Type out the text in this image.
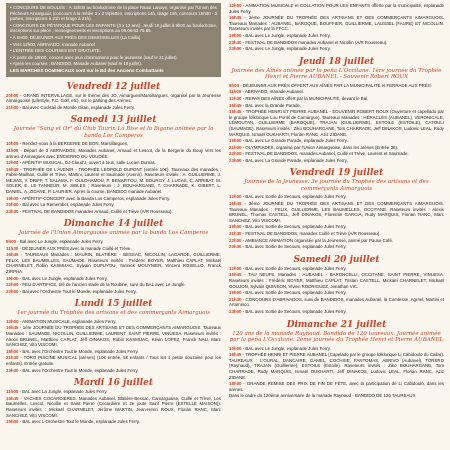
• CONCOURS DE BOULES : À 15h00 au boulodrome de la place Raoul Lanoye, organisé par l'Union des Pêcheurs Aimarguois (concours à la mêlée 3 x 2 triplettes, inscriptions 14h, tirage 15h, concours 15h30 - 3 parties, inscriptions à 21h et tirage à 21h).

• CONCOURS DE PÉTANQUE POUR LES ENFANTS (3 x 12 ans). Jeudi 18 juillet à 9h00 au boulodrome, inscriptions sur place ; renseignements et inscriptions au 06.06.52.76.85.

• À 9H00, DÉJEUNER AUX PRÉS DES DEMOISELLES (La Cailla)

• Vers 12h00, ABRIVADO, manade Aubanel

• L'ENTRÉE DES COURSES EST GRATUITE.

• À partir de 18h00, concert avec jeux d'animations pour le jeunesse (sauf le 21 juillet).

• Après les courses : BANDIDO, Manade Aubanel (sauf le 18 juillet).

LES MARCHÉS DOMINICAUX sont sur le Bd des Anciens Combattants

Vendredi 12 juillet

20h00 - GRAND INTERVILLAGE, sur le thème des JO, Aimargues/Marsillargues, organisé par la Jeunesse Aimarguoise (Lifestyle, F.C. Golf, etc), sur le parking des Arènes.

21h00 - Bal avec Cocktail de Monde Gitan, esplanade Jules Ferry.

Samedi 13 juillet
Journée "Sang et Or" du Club Taurin La Bise et la Bigane animée par la banda Los Camperos

10h00 - Rendez-vous à la BERGERIE DE BON, Marsillargues.

11h00 - Départ de 3 ABRIVADOS, Manades Aubanel, Arnaud et Lescot, de la Bergerie du Bouy vers les arènes d'Aimargues avec ENCIERRO OU VOUDÉE.

12h00 - APÉRITIF MUSICAL, DJ Claud'J, ouvert à tous, salle Lucien Dumas.

16h45 - TROPHÉE DE L'AVENIR - TROPHÉE LEOPOLD DUPONT (entrée 10€). Taureaux des manades : Fabre-Mailhan, Cuillé et Trève, Martini, Laurent et Saumade (Avenir). Raseteurs invités : A. GUILLIERME, J. MEJIAS, Y. DRIFF, T. SALAMA, F. OULDHAMOU, P. BENAFITOU, M. BOURGY, J. LUCAS, C. ARRIBAT, M. SOLER, E. LE TANNEUR, M. SIBLES ; Raseteurs : J. BOUHARGANE, T. CHARRADE, K. GIBERT, L. DANIEL, A. ZIDANE, P. LAURIER. Après la course, BANDIDO manade Aubanel.

19h00 - APÉRITIF-CONCERT avec la Banda Los Camperos, esplanade Jules Ferry.

20h00 - Bal avec La Remember, esplanade Jules Ferry.

23h30 - FESTIVAL DE BANDIDOS manades Arnaud, Cuillé et Trève (A/R Rousseau).

Dimanche 14 juillet
Journée de l'Union Aimarguoise animée par la banda Los Camperos

9h00 - Bal avec Le Jungle, esplanade Jules Ferry.

11h30 - DÉJEUNER AUX PRÉS avec la manade Cuillé et Trève.

16h45 - TAUREAUX Manades : MAURIN, BLATIÈRE - BESSAC, NICOLLIN, LAGARDE, GUILLIERME, FELIX, LES BAUMELLES, SAUMADE. Raseteurs invités : Frédéric BOYER, Matthieu CAPLAT, Mickaël CHARNELET, Robin KASMIJAC, Sylvain DUPUYOU, Yannick MOUYNIER, Vincent ROSELLO, Franck ZIRPHA.

19h00 - BAL avec Le Jungle, esplanade Jules Ferry.

22h00 - FEU D'ARTIFICE, tiré de l'ancien stade de la Roubine, suivi du BAL avec Le Jungle.

23h00 - Bal avec l'Orchestre Tout le Monde, esplanade Jules Ferry.

Lundi 15 juillet
1er journée du Trophée des artisans et des commerçants Aimarguois

12h00 - ANIMATION MUSICALE, esplanade Jules Ferry.

16h45 - 1ère JOURNÉE DU TROPHÉE DES ARTISANS ET DES COMMERÇANTS AIMARGUOIS. Taureaux Manades : SAUMADE, NICOLLIN, GUILLIERME, LAURENT, SAINT PIERRE, VINUESA. Raseteurs invités : Alexis BRUNEL, Matthieu CAPLAT, Jeff DINAKOS, Robin KASMIJAC, Kévin LOPEZ, Franck NAU, Marc SANCHEZ, Vito VISCOMI.

19h00 - BAL avec l'Orchestre Tout le Monde, esplanade Jules Ferry.

21h30 - TORO PISCINE MUSICAL (arènes) (10€ entrée, 5€ enfants / Tous les 1 petite douzaine pour les enfants). Entrée gratuite.

23h30 - BAL avec l'Orchestre Tout le Monde, esplanade Jules Ferry.

Mardi 16 juillet

11h00 - BAL avec La Jungle, esplanade Jules Ferry.

15h45 - VACHES COCARDIERES. Manades Aubanel, Blatière-Bessac, Camarguaise, Cuillé et Trève, Les Baumelles, Lescot, Nicollin et Saint Pierre (Cocardière et 2e joute Saint Pierre (ESTELLE MAISON)). Raseteurs invités : Mickaël CHARNELET, Jérôme MARTIN, Jean-Henri ROUX, Florian RANC, Marc SANCHEZ, Vito VISCOMI.

19h00 - BAL avec L'Orchestre Tout le Monde, esplanade Jules Ferry.

12h00 - ANIMATION MUSICALE et COLLATION POUR LES ENFANTS offerte par la municipalité, esplanade Jules Ferry.

16h45 - 2ème JOURNÉE DU TROPHÉE DES ARTISANS ET DES COMMERÇANTS AIMARGUOIS. Taureaux Manades : AUBANEL, BAROQUE, BOUFFIER, GUILLIERME, LAUSSEL (FAURE) ET NICOLLIN. Raseteurs invités par la FFCC.

19h00 - BAL avec Le Jungle, esplanade Jules Ferry.

23h30 - FESTIVAL DE BANDIDOS manades Aubanel et Nicollin (A/R Rousseau).

23h00 - BAL avec Le Jungle, esplanade Jules Ferry.

Jeudi 18 juillet
Journée des Aînés animée par la peña L'Occitane. 1ère journée du Trophée Henri et Pierre AUBANEL - Souvenir Robert ROUX

9h00 - DÉJEUNER AUX PRÉS OFFERT AUX AÎNÉS PAR LA MUNICIPALITÉ et FERRADE AUX PRÉS.

11h00 - ABRIVADO, manade Aubanel.

12h30 - REPAS DES AÎNÉS offert par la MUNICIPALITÉ, devant le Bal.

16h45 - BAL avec la Grande Parade.

16h45 - TROPHÉE HENRI ET PIERRE AUBANEL - SOUVENIR ROBERT ROUX (Ouverture et capellado par le groupe folklorique Lou Pontil de Camargue). Taureaux Manades : HÉRACLÈS (AUBANEL), VERONICALE, LÉMOUTAN, GUILLIERME (BAROQUE), TRAJAN (GUILLIERME), ESTOILE (ESTOILE), CATOULI (SAUMADE). Raseteurs invités : Ziko BOUHARGANE, Tom CHARRADE, Jeff DINAKOS, Ludovic LEAL, Rudy MARQUIS, Ismaël OUKHARTI, Florian RANC, Aziz ZIDANE.

19h00 - BAL avec Le Grande Parade, esplanade Jules Ferry.

21h00 - OLYMPIADES, organisé par l'Union Aimarguoise, dans les arènes (Entrée 3€).

22h00 - FESTIVAL DE BANDIDOS, manades Aubanel, Cuillé et Trève, Laurent et Saumade.

23h00 - BAL avec La Grande Parade, esplanade Jules Ferry.

Vendredi 19 juillet
Journée de la Jeunesse. 3e journée du Trophée des artisans et des commerçants Aimarguois

12h00 - BAL avec Sortie de Secours, esplanade Jules Ferry.

16h45 - 3ème JOURNÉE DU TROPHÉE DES ARTISANS ET DES COMMERÇANTS AIMARGUOIS. Taureaux Manades : FELIX, GUILLIERME, LES BAUMELLES, OCCITANE. Raseteurs invités : Alexis BRUNEL, Thomas CASTELL, Jeff DINAKOS, Florentin GARCIA, Rudy MARQUIS, Florian RANC, Marc SANCHEZ, Vito VISCOMI.

19h00 - BAL avec Sortie de Secours, esplanade Jules Ferry.

21h30 - FESTIVAL DE BANDIDOS, manades Cuillé et Trève (A/R Rousseau).

22h00 - AMBIANCE ANIMATION organisée par la Jeunesse, animé par Pause Café.

23h30 - BAL avec Sortie de Secours, esplanade Jules Ferry.

Samedi 20 juillet

12h00 - BAL avec Sortie de Secours, esplanade Jules Ferry.

16h45 - TAU NEUFS. Manades : AUBANEL - BARONCELLI, OCCITANE, SAINT PIERRE, VINUESA. Raseteurs invités : Frédéric BOYER, Matthieu CAPLAT, Tristan CASTELL, Mickaël CHARNELET, Mickaël GOUJON, Sylvain QUINSON, Vivien RODRIGUEZ, Jonathan VIC.

19h00 - BAL avec Sortie de Secours, esplanade Jules Ferry.

21h30 - CONCOURS D'ABRIVADOS, suivi de BANDIDOS, manades Aubanel, la Comtesse, Agrnel, Martini et Artaminco.

23h00 - BAL avec Sortie de Secours, esplanade Jules Ferry.

Dimanche 21 juillet
120 ans de la manade Raynaud. Bandido de 120 taureaux. Journée animée par la peña L'Occitane. 2ème journée du Trophée Henri et Pierre AUBANEL

10h00 - BAL avec Le Jungle, esplanade Jules Ferry.

16h45 - TROPHÉE HENRI ET PIERRE AUBANEL (Capelado par le groupe folklorique Li Cabidoulo du Cailar). TAUREAUX : L'OURAL, DANCAIRE, GAMEL, COCHISE, FANTOMAS, ABRIVO (Aubanel), TORERO (Raynaud), TRAJAN (Guillierme), ESTOILE (Estoile). Raseteurs invités : Ziko BOUHARGANE, Tom CHARRADE, Rudy MARQUIS, Ismaël OUKHARTI, Jeff DINAKOS, Ludovic LEAL, Florian RANC, Aziz ZIDANE.

18h00 - GRANDE REMISE DES PRIX DE FIN DE FÊTE, avec la participation de Li Cabidoulo, dans les arènes.

Dans le cadre du 120ème anniversaire de la manade Raynaud - BANDIDO DE 120 TAUREAUX
